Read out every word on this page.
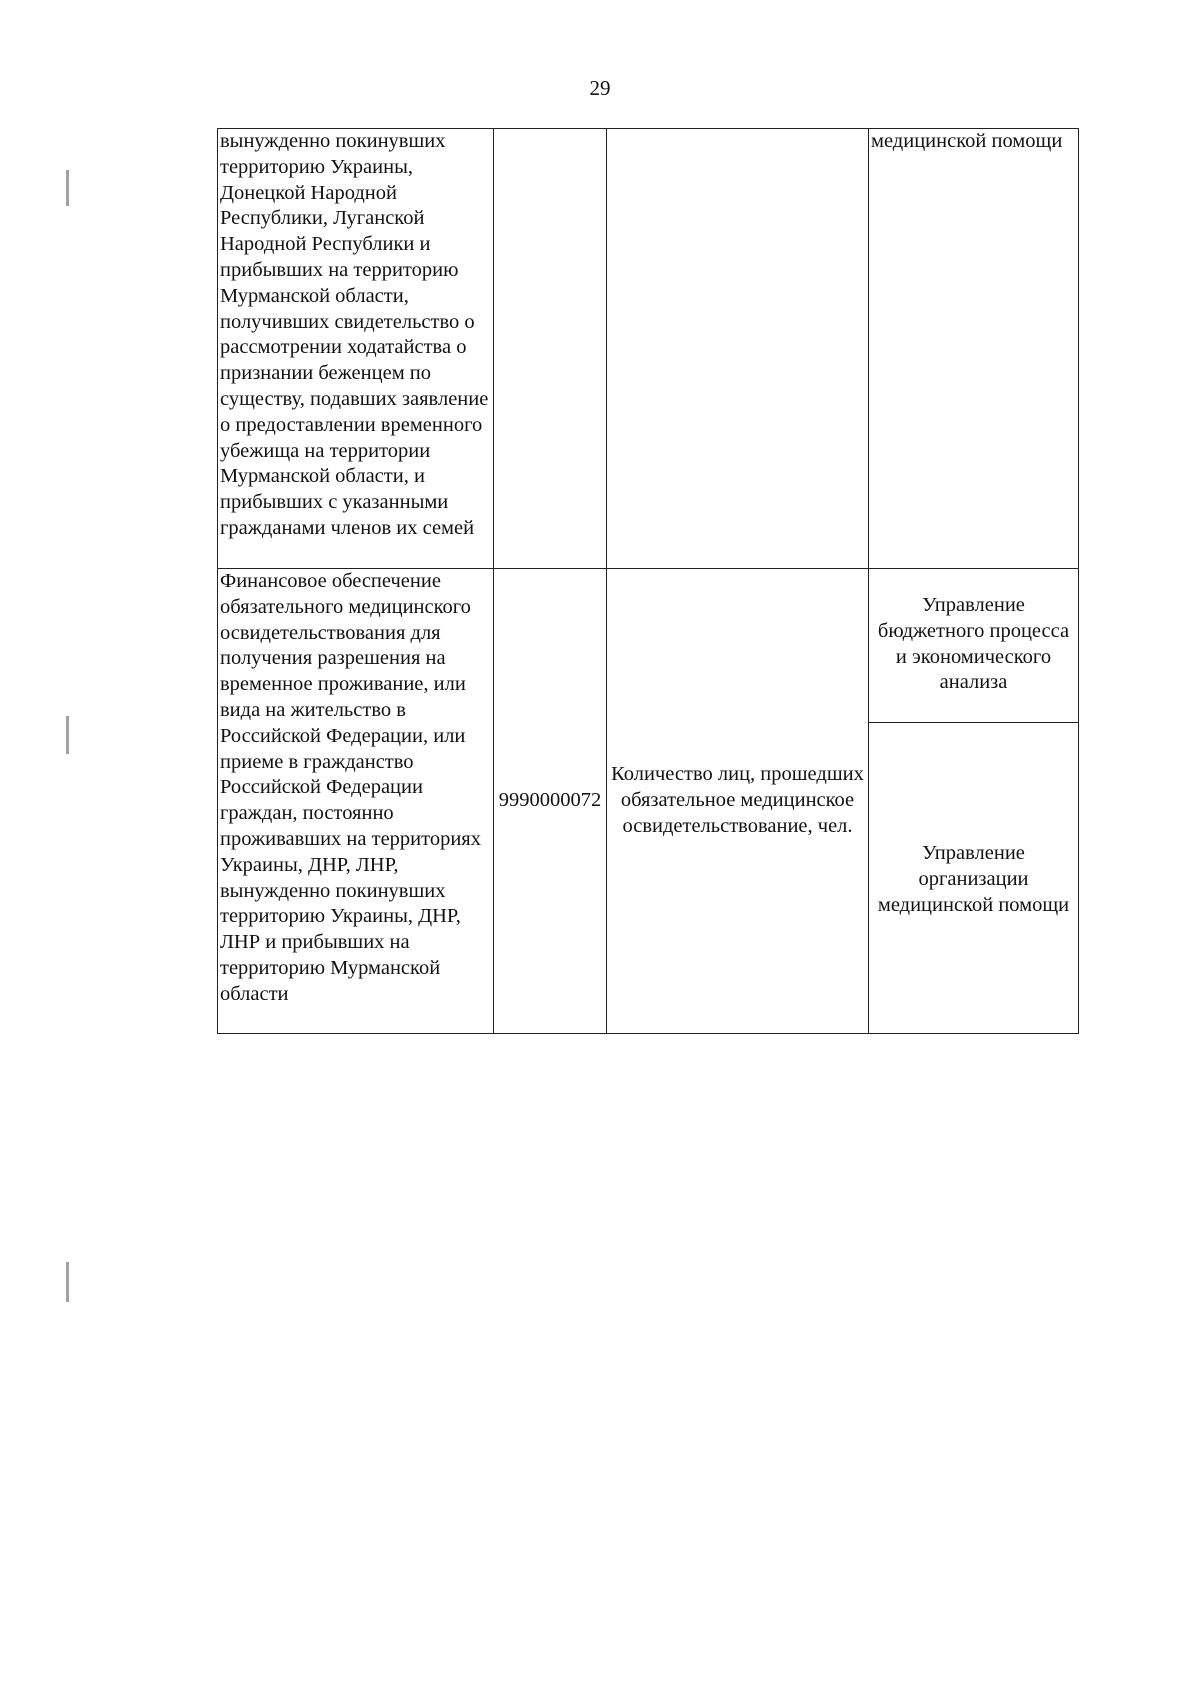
29
вынужденно покинувших территорию Украины, Донецкой Народной Республики, Луганской Народной Республики и прибывших на территорию Мурманской области, получивших свидетельство о рассмотрении ходатайства о признании беженцем по существу, подавших заявление о предоставлении временного убежища на территории Мурманской области, и прибывших с указанными гражданами членов их семей			медицинской помощи
Финансовое обеспечение обязательного медицинского освидетельствования для получения разрешения на временное проживание, или вида на жительство в Российской Федерации, или приеме в гражданство Российской Федерации граждан, постоянно проживавших на территориях Украины, ДНР, ЛНР, вынужденно покинувших территорию Украины, ДНР, ЛНР и прибывших на территорию Мурманской области	9990000072	Количество лиц, прошедших обязательное медицинское освидетельствование, чел.	Управление бюджетного процесса и экономического анализа
			Управление организации медицинской помощи
